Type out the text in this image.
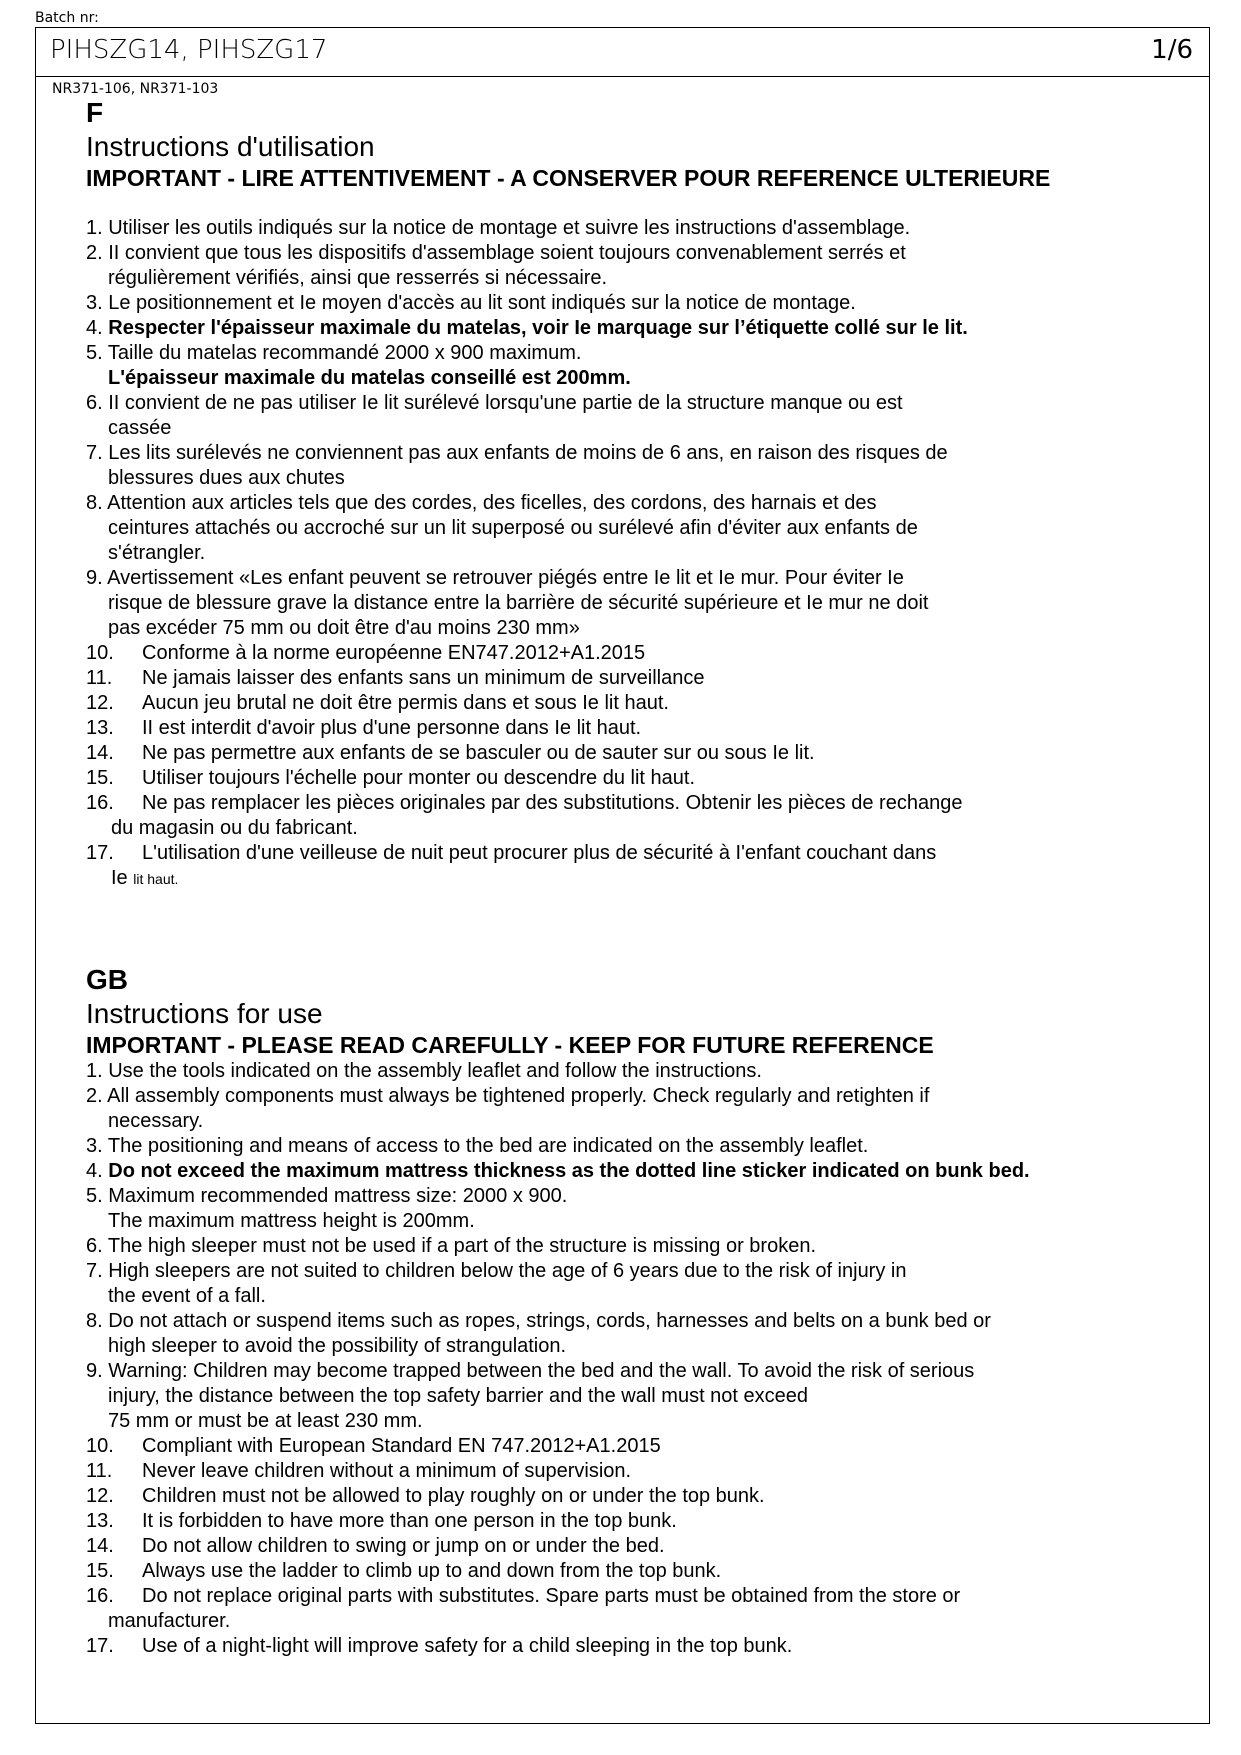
Batch nr:
PIHSZG14, PIHSZG17	1/6
NR371-106, NR371-103
F
Instructions d'utilisation
IMPORTANT - LIRE ATTENTIVEMENT - A CONSERVER POUR REFERENCE ULTERIEURE
1. Utiliser les outils indiqués sur la notice de montage et suivre les instructions d'assemblage.
2. II convient que tous les dispositifs d'assemblage soient toujours convenablement serrés et
régulièrement vérifiés, ainsi que resserrés si nécessaire.
3. Le positionnement et Ie moyen d'accès au lit sont indiqués sur la notice de montage.
4. Respecter l'épaisseur maximale du matelas, voir Ie marquage sur l’étiquette collé sur le lit.
5. Taille du matelas recommandé 2000 x 900 maximum.
L'épaisseur maximale du matelas conseillé est 200mm.
6. II convient de ne pas utiliser Ie lit surélevé lorsqu'une partie de la structure manque ou est
cassée
7. Les lits surélevés ne conviennent pas aux enfants de moins de 6 ans, en raison des risques de
blessures dues aux chutes
8. Attention aux articles tels que des cordes, des ficelles, des cordons, des harnais et des
ceintures attachés ou accroché sur un lit superposé ou surélevé afin d'éviter aux enfants de
s'étrangler.
9. Avertissement «Les enfant peuvent se retrouver piégés entre Ie lit et Ie mur. Pour éviter Ie
risque de blessure grave la distance entre la barrière de sécurité supérieure et Ie mur ne doit
pas excéder 75 mm ou doit être d'au moins 230 mm»
10. Conforme à la norme européenne EN747.2012+A1.2015
11. Ne jamais laisser des enfants sans un minimum de surveillance
12. Aucun jeu brutal ne doit être permis dans et sous Ie lit haut.
13. II est interdit d'avoir plus d'une personne dans Ie lit haut.
14. Ne pas permettre aux enfants de se basculer ou de sauter sur ou sous Ie lit.
15. Utiliser toujours l'échelle pour monter ou descendre du lit haut.
16. Ne pas remplacer les pièces originales par des substitutions. Obtenir les pièces de rechange
du magasin ou du fabricant.
17. L'utilisation d'une veilleuse de nuit peut procurer plus de sécurité à I'enfant couchant dans
Ie lit haut.
GB
Instructions for use
IMPORTANT - PLEASE READ CAREFULLY - KEEP FOR FUTURE REFERENCE
1. Use the tools indicated on the assembly leaflet and follow the instructions.
2. All assembly components must always be tightened properly. Check regularly and retighten if
necessary.
3. The positioning and means of access to the bed are indicated on the assembly leaflet.
4. Do not exceed the maximum mattress thickness as the dotted line sticker indicated on bunk bed.
5. Maximum recommended mattress size: 2000 x 900.
The maximum mattress height is 200mm.
6. The high sleeper must not be used if a part of the structure is missing or broken.
7. High sleepers are not suited to children below the age of 6 years due to the risk of injury in
the event of a fall.
8. Do not attach or suspend items such as ropes, strings, cords, harnesses and belts on a bunk bed or
high sleeper to avoid the possibility of strangulation.
9. Warning: Children may become trapped between the bed and the wall. To avoid the risk of serious
injury, the distance between the top safety barrier and the wall must not exceed
75 mm or must be at least 230 mm.
10. Compliant with European Standard EN 747.2012+A1.2015
11. Never leave children without a minimum of supervision.
12. Children must not be allowed to play roughly on or under the top bunk.
13. It is forbidden to have more than one person in the top bunk.
14. Do not allow children to swing or jump on or under the bed.
15. Always use the ladder to climb up to and down from the top bunk.
16. Do not replace original parts with substitutes. Spare parts must be obtained from the store or
manufacturer.
17. Use of a night-light will improve safety for a child sleeping in the top bunk.
